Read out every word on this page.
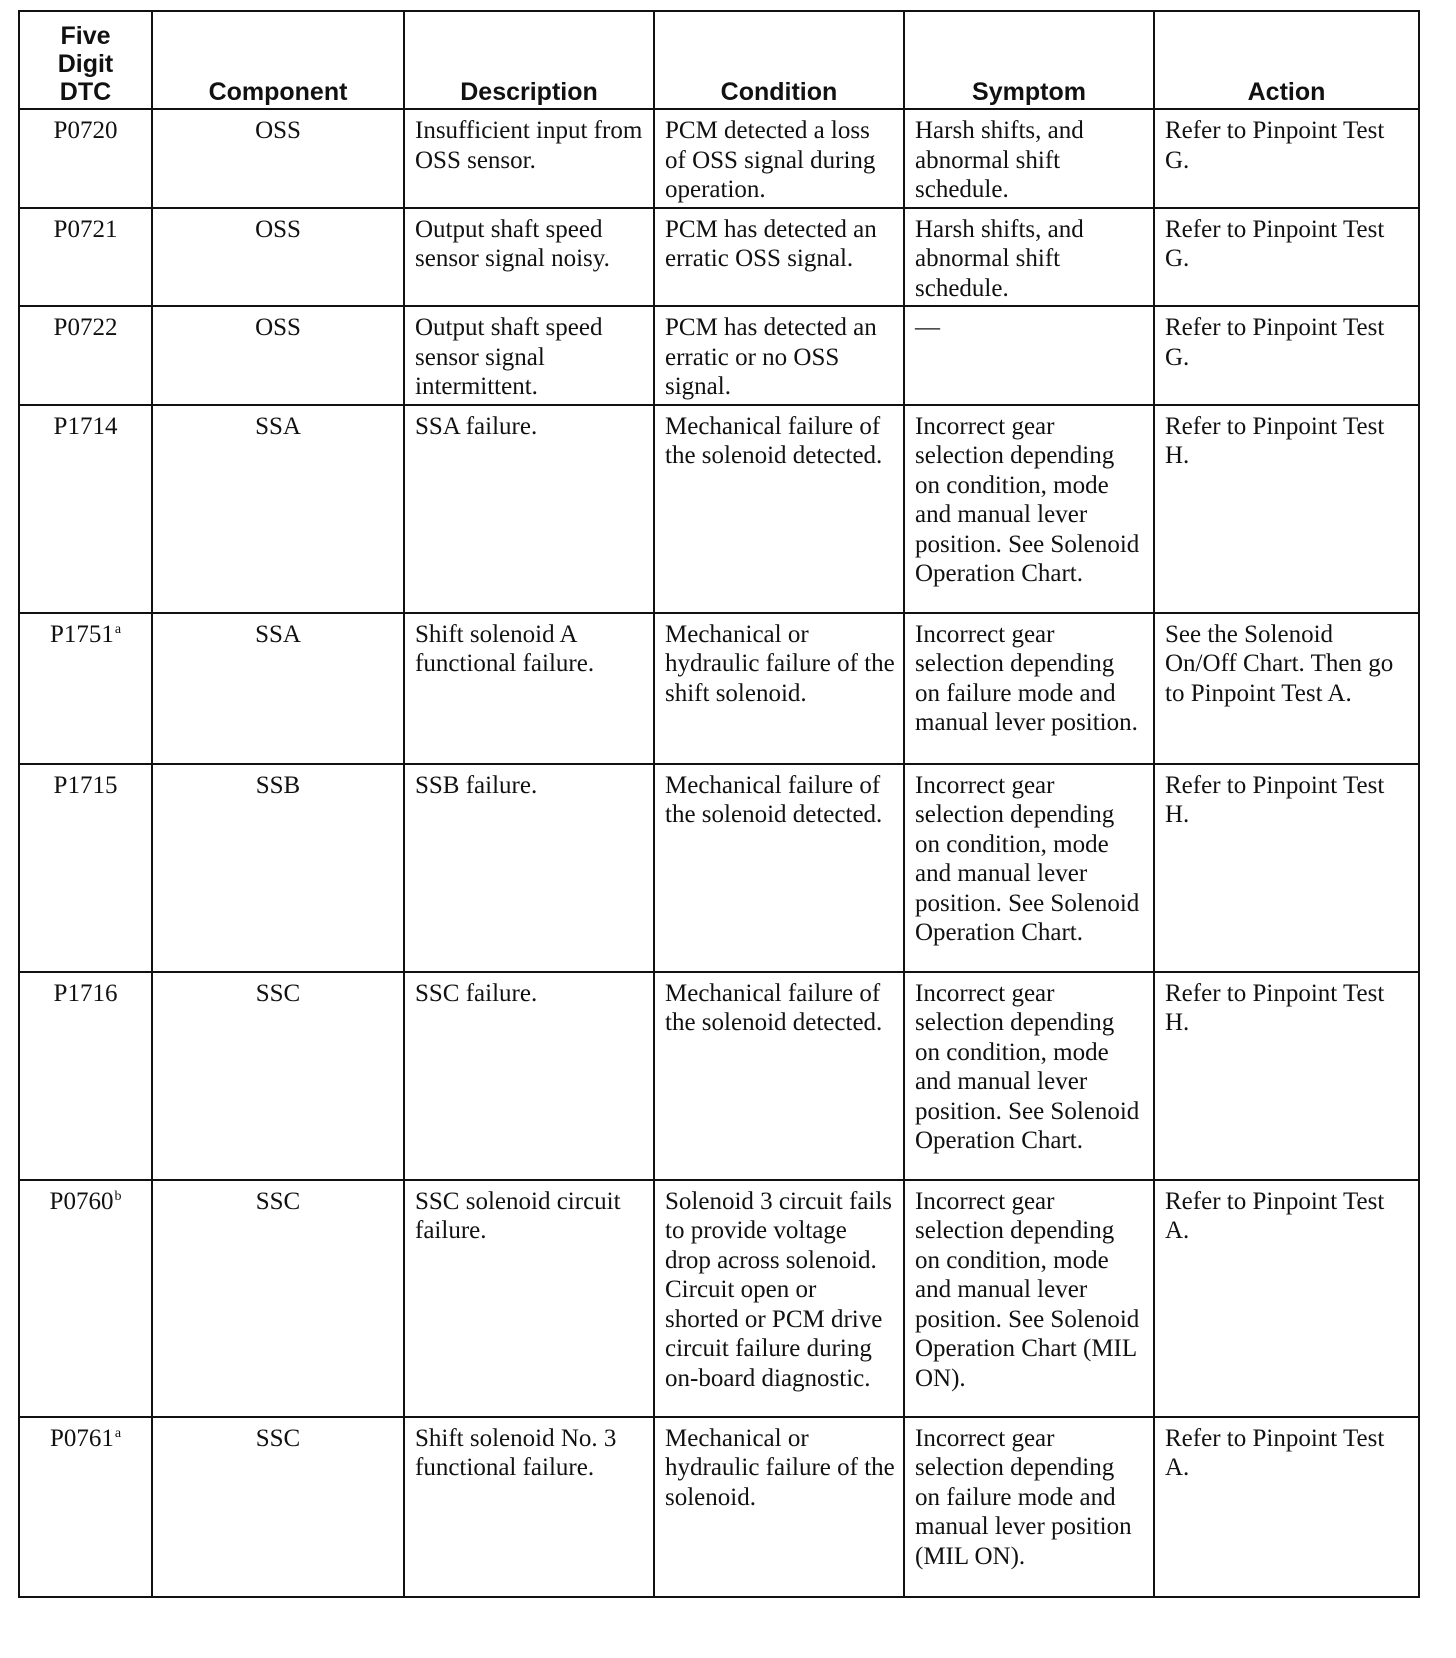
Five
Digit
DTC	Component	Description	Condition	Symptom	Action
P0720	OSS	Insufficient input from OSS sensor.	PCM detected a loss of OSS signal during operation.	Harsh shifts, and abnormal shift schedule.	Refer to Pinpoint Test G.
P0721	OSS	Output shaft speed sensor signal noisy.	PCM has detected an erratic OSS signal.	Harsh shifts, and abnormal shift schedule.	Refer to Pinpoint Test G.
P0722	OSS	Output shaft speed sensor signal intermittent.	PCM has detected an erratic or no OSS signal.	—	Refer to Pinpoint Test G.
P1714	SSA	SSA failure.	Mechanical failure of the solenoid detected.	Incorrect gear selection depending on condition, mode and manual lever position. See Solenoid Operation Chart.	Refer to Pinpoint Test H.
P1751$^a$	SSA	Shift solenoid A functional failure.	Mechanical or hydraulic failure of the shift solenoid.	Incorrect gear selection depending on failure mode and manual lever position.	See the Solenoid On/Off Chart. Then go to Pinpoint Test A.
P1715	SSB	SSB failure.	Mechanical failure of the solenoid detected.	Incorrect gear selection depending on condition, mode and manual lever position. See Solenoid Operation Chart.	Refer to Pinpoint Test H.
P1716	SSC	SSC failure.	Mechanical failure of the solenoid detected.	Incorrect gear selection depending on condition, mode and manual lever position. See Solenoid Operation Chart.	Refer to Pinpoint Test H.
P0760$^b$	SSC	SSC solenoid circuit failure.	Solenoid 3 circuit fails to provide voltage drop across solenoid. Circuit open or shorted or PCM drive circuit failure during on-board diagnostic.	Incorrect gear selection depending on condition, mode and manual lever position. See Solenoid Operation Chart (MIL ON).	Refer to Pinpoint Test A.
P0761$^a$	SSC	Shift solenoid No. 3 functional failure.	Mechanical or hydraulic failure of the solenoid.	Incorrect gear selection depending on failure mode and manual lever position (MIL ON).	Refer to Pinpoint Test A.
